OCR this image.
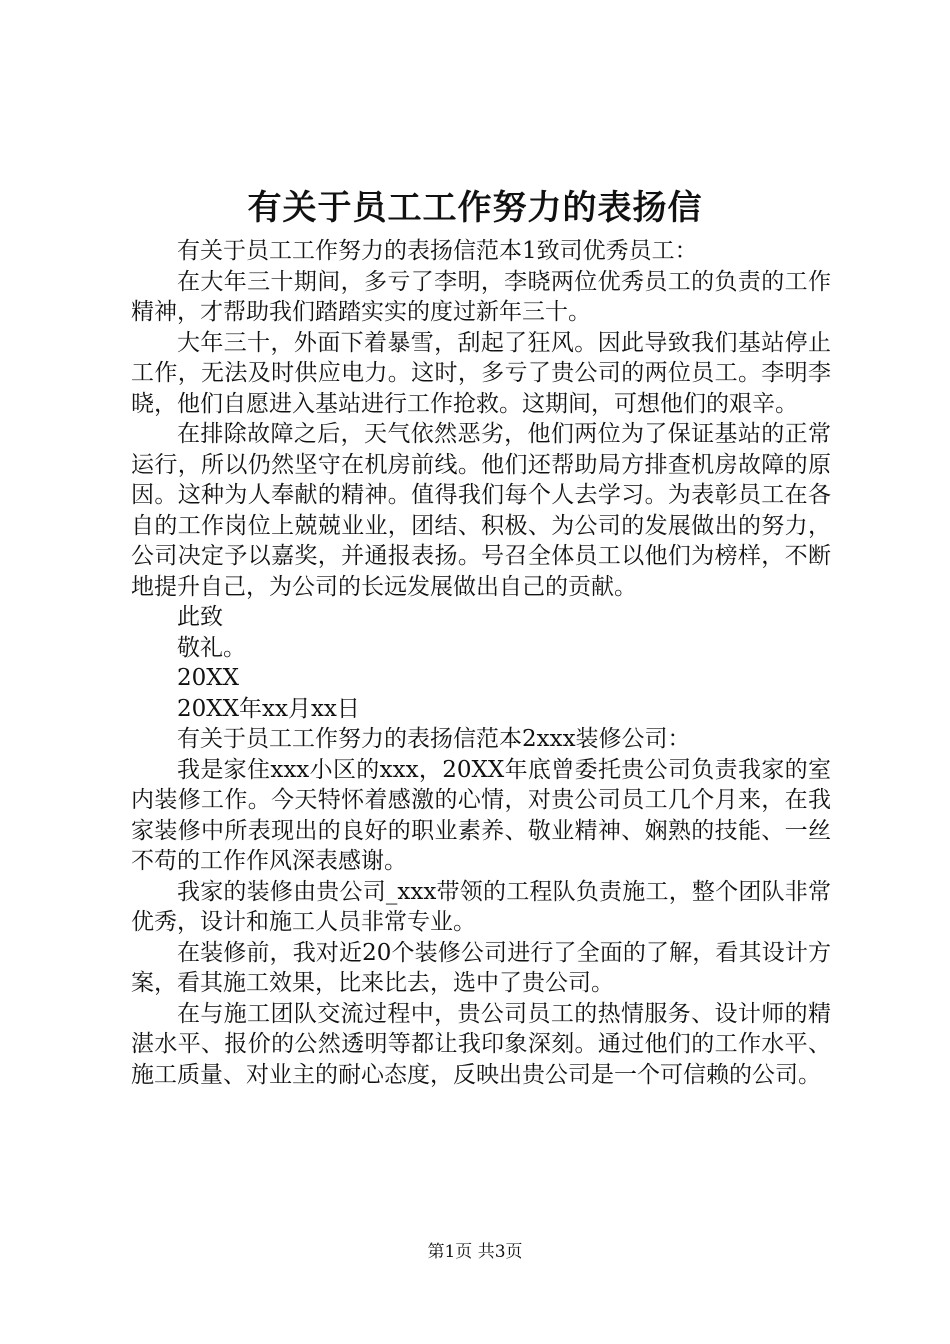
有关于员工工作努力的表扬信

有关于员工工作努力的表扬信范本1致司优秀员工：

在大年三十期间，多亏了李明，李晓两位优秀员工的负责的工作精神，才帮助我们踏踏实实的度过新年三十。

大年三十，外面下着暴雪，刮起了狂风。因此导致我们基站停止工作，无法及时供应电力。这时，多亏了贵公司的两位员工。李明李晓，他们自愿进入基站进行工作抢救。这期间，可想他们的艰辛。

在排除故障之后，天气依然恶劣，他们两位为了保证基站的正常运行，所以仍然坚守在机房前线。他们还帮助局方排查机房故障的原因。这种为人奉献的精神。值得我们每个人去学习。为表彰员工在各自的工作岗位上兢兢业业，团结、积极、为公司的发展做出的努力，公司决定予以嘉奖，并通报表扬。号召全体员工以他们为榜样，不断地提升自己，为公司的长远发展做出自己的贡献。

此致

敬礼。

20XX

20XX年xx月xx日

有关于员工工作努力的表扬信范本2xxx装修公司：

我是家住xxx小区的xxx，20XX年底曾委托贵公司负责我家的室内装修工作。今天特怀着感激的心情，对贵公司员工几个月来，在我家装修中所表现出的良好的职业素养、敬业精神、娴熟的技能、一丝不苟的工作作风深表感谢。

我家的装修由贵公司_xxx带领的工程队负责施工，整个团队非常优秀，设计和施工人员非常专业。

在装修前，我对近20个装修公司进行了全面的了解，看其设计方案，看其施工效果，比来比去，选中了贵公司。

在与施工团队交流过程中，贵公司员工的热情服务、设计师的精湛水平、报价的公然透明等都让我印象深刻。通过他们的工作水平、施工质量、对业主的耐心态度，反映出贵公司是一个可信赖的公司。

第1页 共3页
